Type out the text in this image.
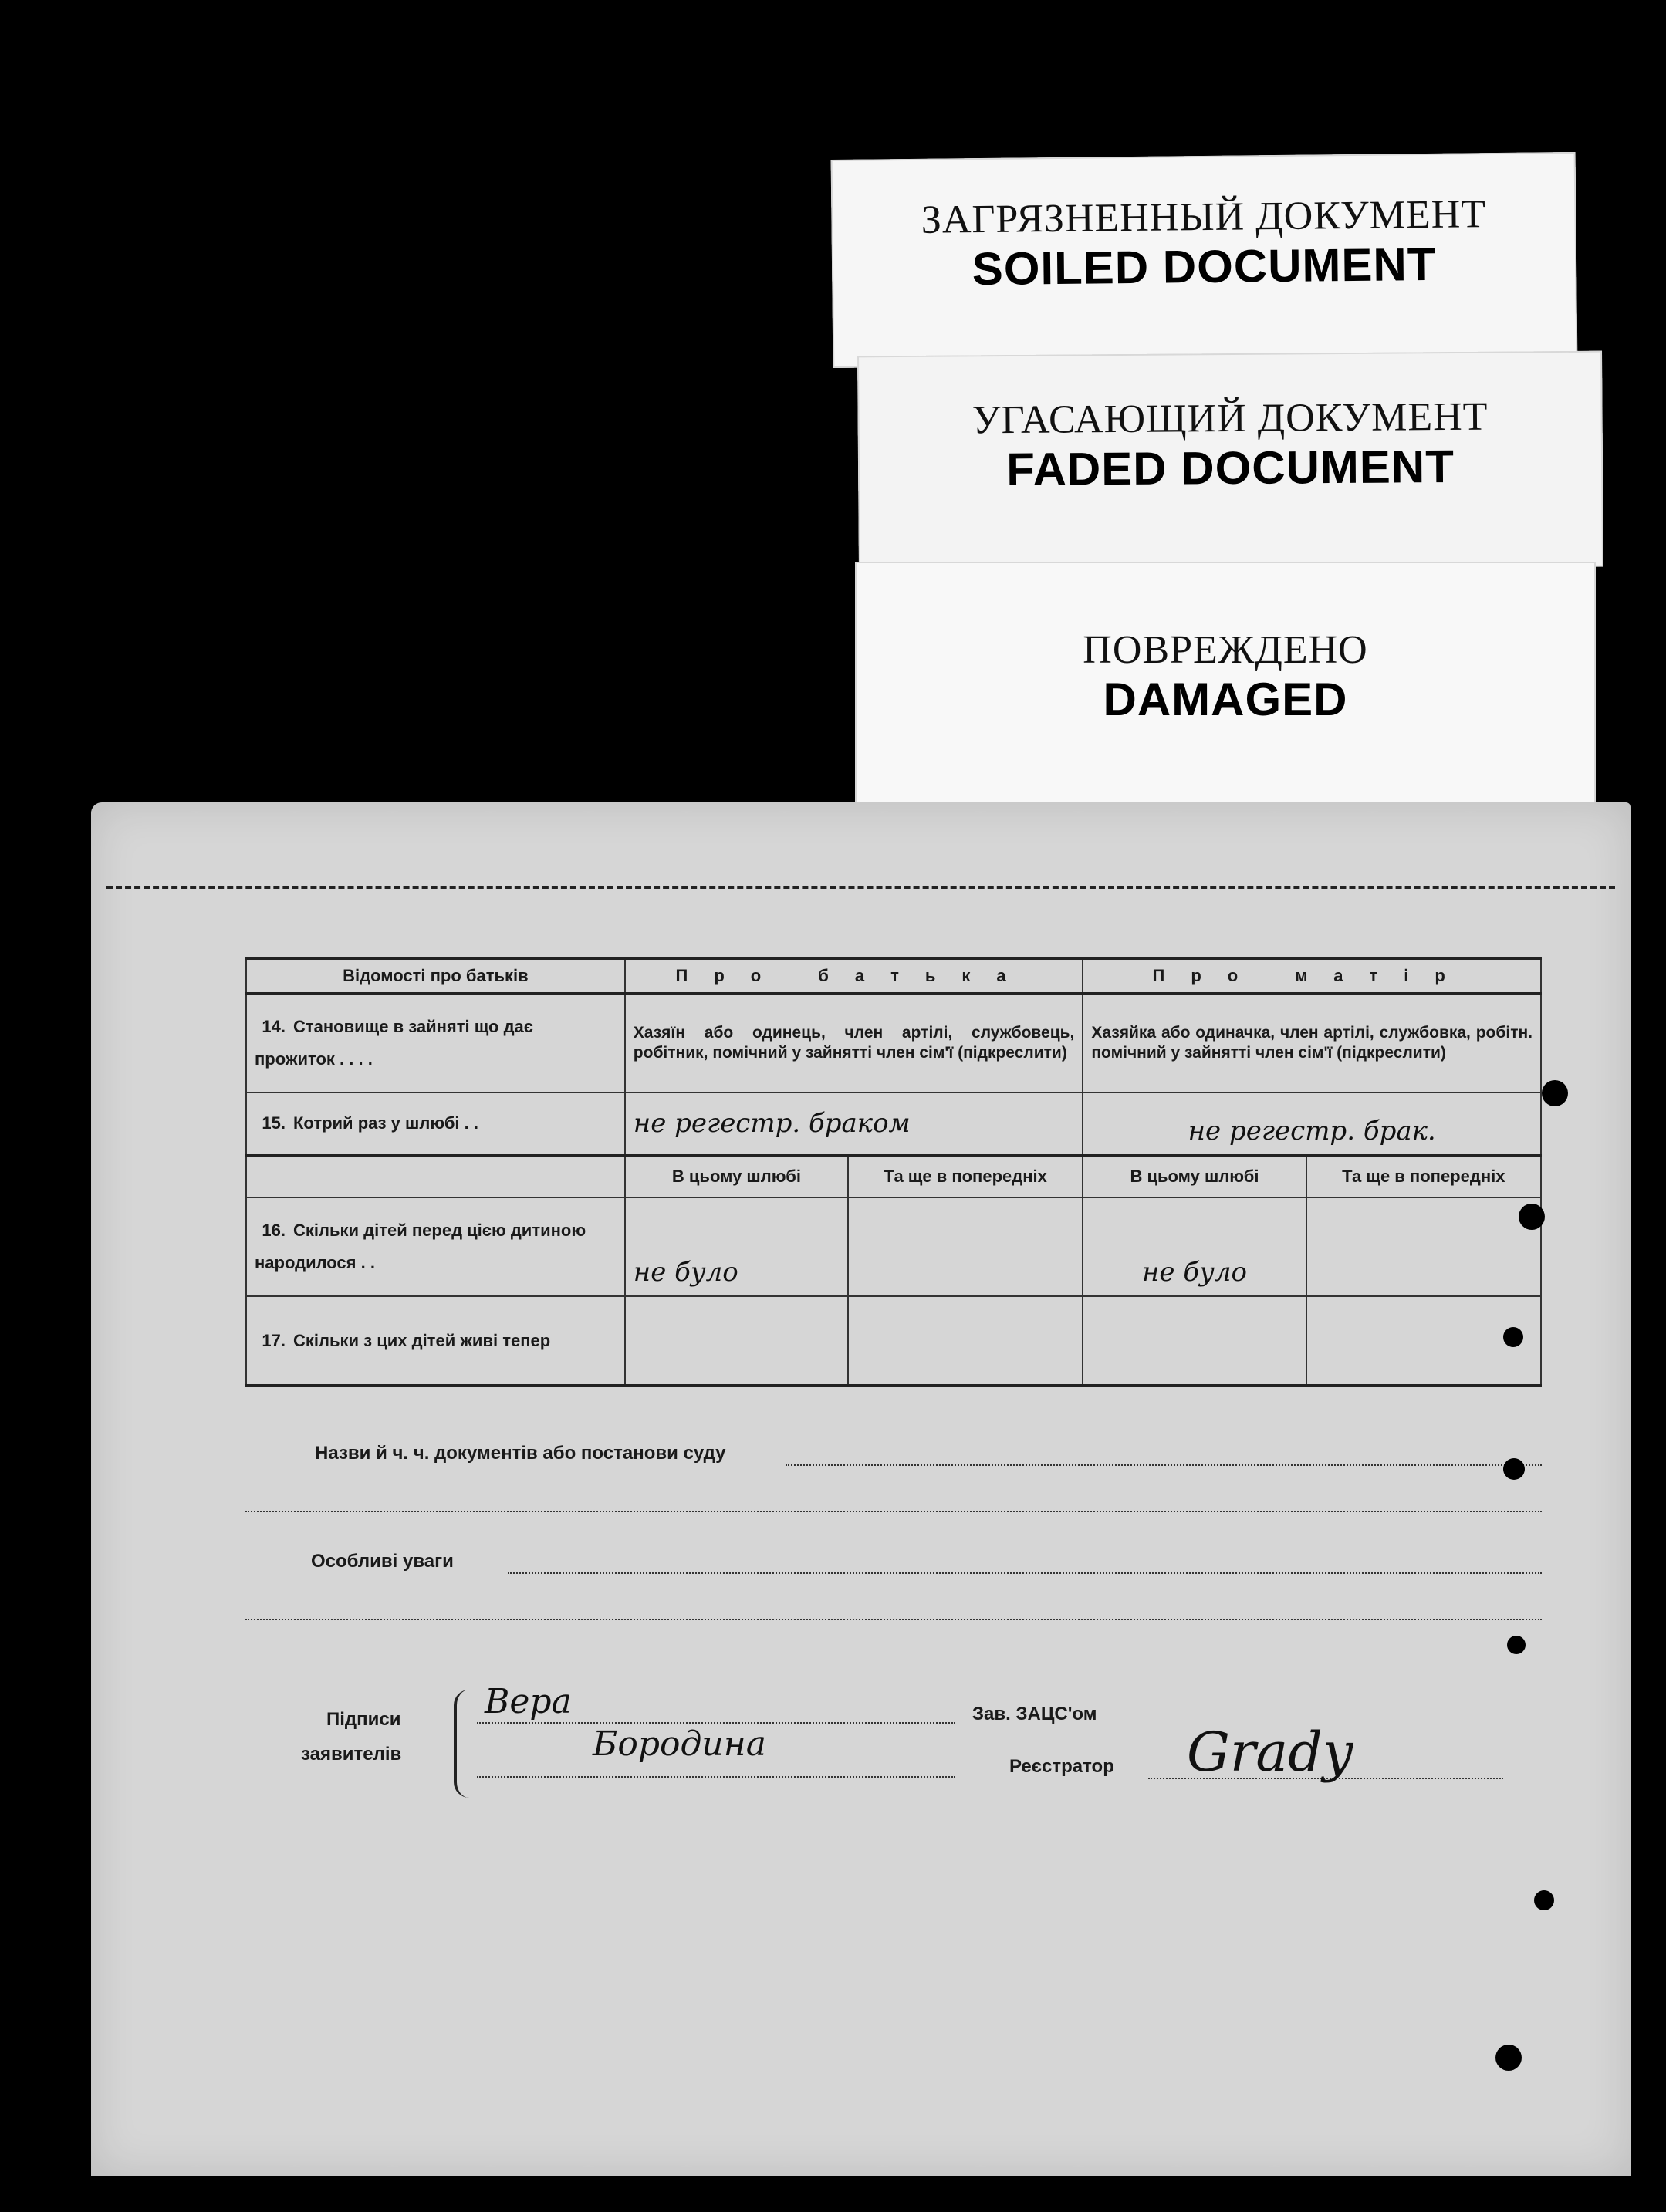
ЗАГРЯЗНЕННЫЙ ДОКУМЕНТ
SOILED DOCUMENT
УГАСАЮЩИЙ ДОКУМЕНТ
FADED DOCUMENT
ПОВРЕЖДЕНО
DAMAGED
Відомості про батьків	Про батька		Про матір	
14. Становище в зайняті що дає прожиток . . . .	Хазяїн або одинець, член артілі, службовець, робітник, помічний у зайнятті член сім'ї (підкреслити)		Хазяйка або одиначка, член артілі, службовка, робітн. помічний у зайнятті член сім'ї (підкреслити)	
15. Котрий раз у шлюбі . .	не регестр. браком		не регестр. брак.	
	В цьому шлюбі	Та ще в попередніх	В цьому шлюбі	Та ще в попередніх
16. Скільки дітей перед цією дитиною народилося . .	не було		не було	
17. Скільки з цих дітей живі тепер				
Назви й ч. ч. документів або постанови суду
Особливі уваги
Підписи
заявителів
Вера
Бородина
Зав. ЗАЦС'ом
Реєстратор Grady
